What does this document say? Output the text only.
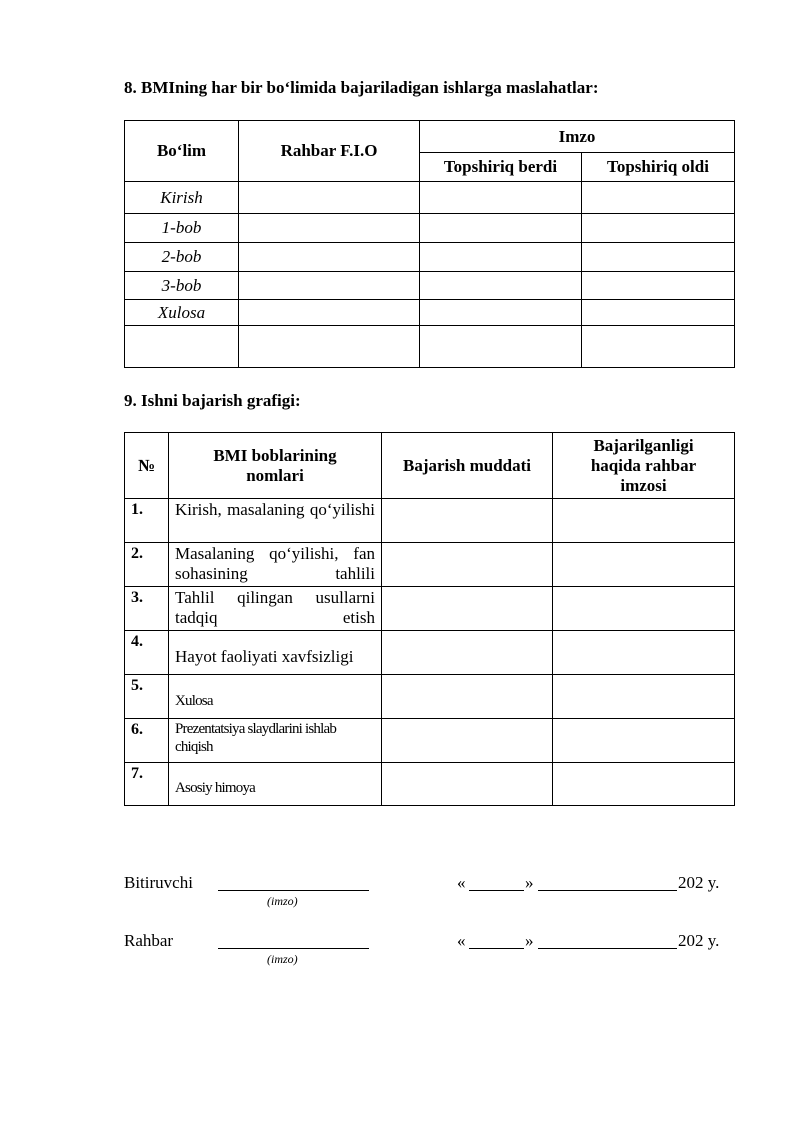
8. BMIning har bir bo‘limida bajariladigan ishlarga maslahatlar:
Bo‘lim	Rahbar F.I.O	Imzo	
		Topshiriq berdi	Topshiriq oldi
Kirish			
1-bob			
2-bob			
3-bob			
Xulosa			

9. Ishni bajarish grafigi:
№	BMI boblarining nomlari	Bajarish muddati	Bajarilganligi haqida rahbar imzosi
1.	Kirish, masalaning qo‘yilishi		
2.	Masalaning qo‘yilishi, fan sohasining tahlili		
3.	Tahlil qilingan usullarni tadqiq etish		
4.	Hayot faoliyati xavfsizligi		
5.	Xulosa		
6.	Prezentatsiya slaydlarini ishlab chiqish		
7.	Asosiy himoya		
Bitiruvchi
(imzo)
«	»	202 y.
Rahbar
(imzo)
«	»	202 y.
